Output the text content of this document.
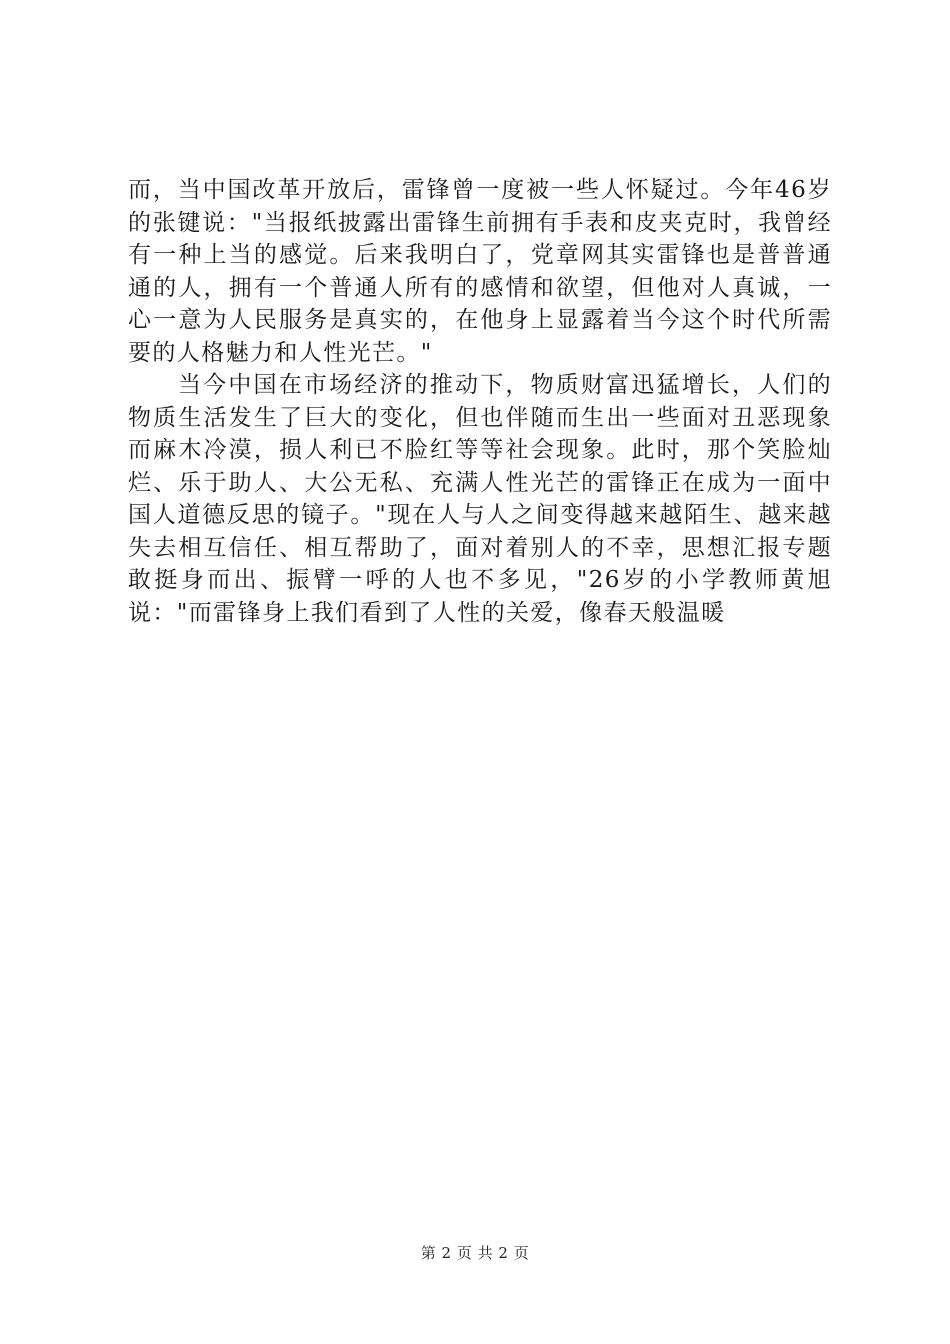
而，当中国改革开放后，雷锋曾一度被一些人怀疑过。今年46岁的张键说："当报纸披露出雷锋生前拥有手表和皮夹克时，我曾经有一种上当的感觉。后来我明白了，党章网其实雷锋也是普普通通的人，拥有一个普通人所有的感情和欲望，但他对人真诚，一心一意为人民服务是真实的，在他身上显露着当今这个时代所需要的人格魅力和人性光芒。"

当今中国在市场经济的推动下，物质财富迅猛增长，人们的物质生活发生了巨大的变化，但也伴随而生出一些面对丑恶现象而麻木冷漠，损人利已不脸红等等社会现象。此时，那个笑脸灿烂、乐于助人、大公无私、充满人性光芒的雷锋正在成为一面中国人道德反思的镜子。"现在人与人之间变得越来越陌生、越来越失去相互信任、相互帮助了，面对着别人的不幸，思想汇报专题敢挺身而出、振臂一呼的人也不多见，"26岁的小学教师黄旭说："而雷锋身上我们看到了人性的关爱，像春天般温暖

第 2 页 共 2 页
